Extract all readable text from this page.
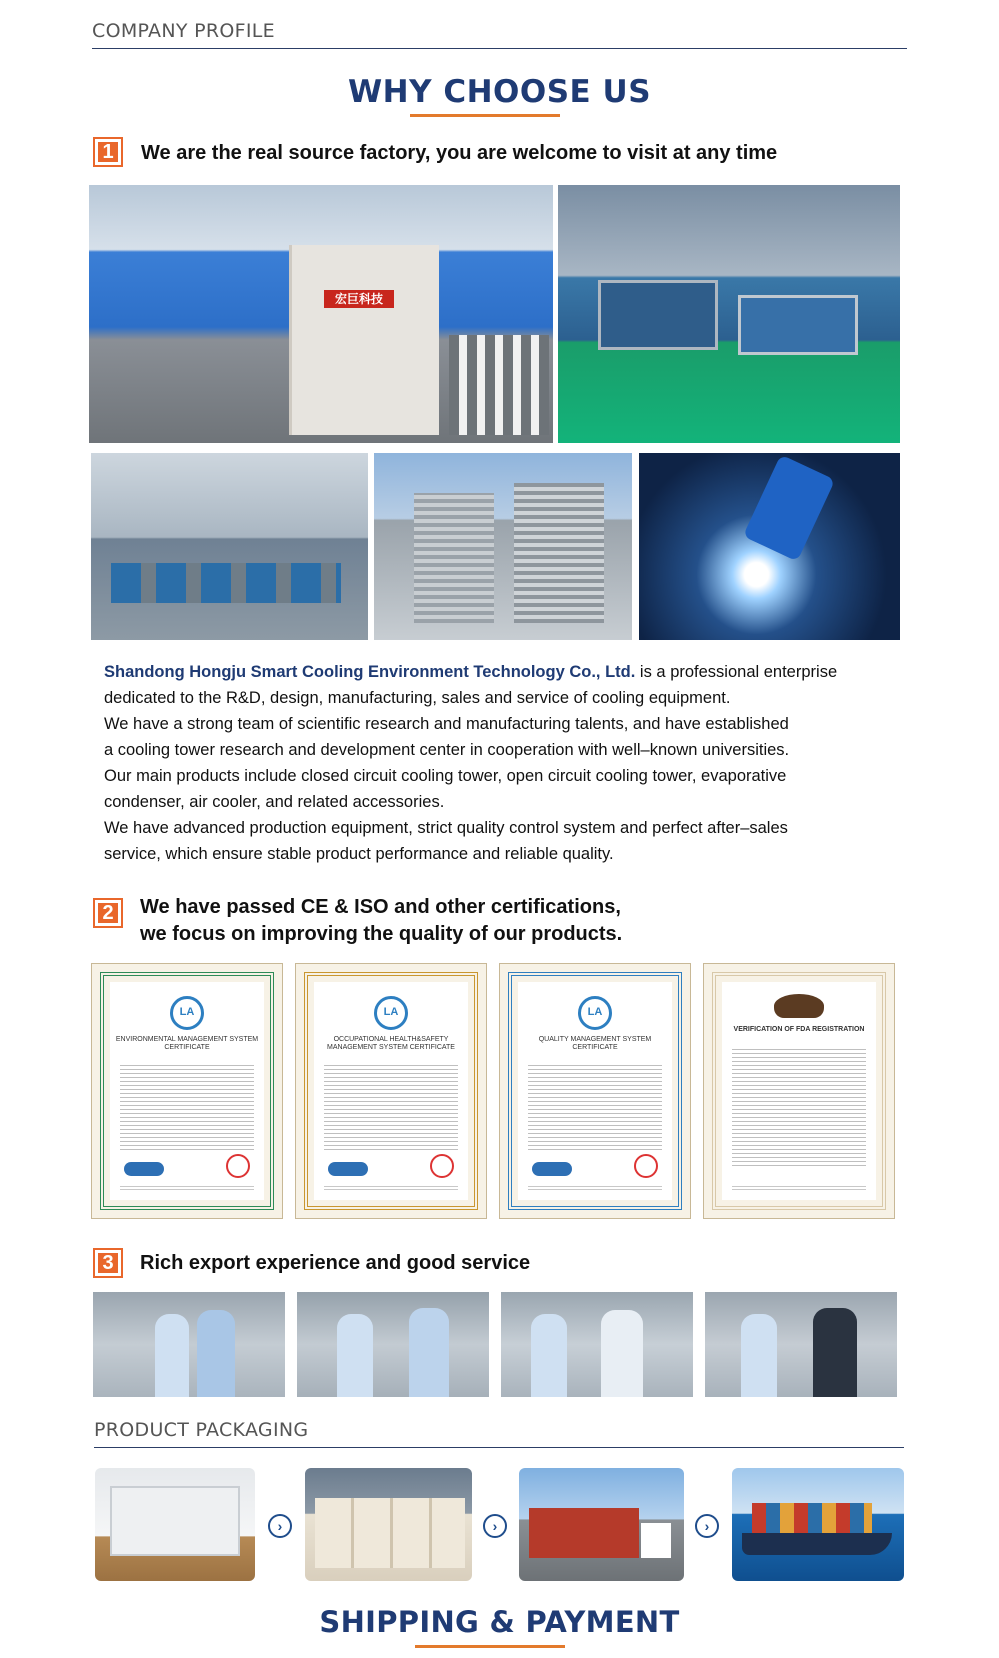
COMPANY PROFILE
WHY CHOOSE US
1 We are the real source factory, you are welcome to visit at any time
宏巨科技
Shandong Hongju Smart Cooling Environment Technology Co., Ltd. is a professional enterprise
dedicated to the R&D, design, manufacturing, sales and service of cooling equipment.
We have a strong team of scientific research and manufacturing talents, and have established
a cooling tower research and development center in cooperation with well–known universities.
Our main products include closed circuit cooling tower, open circuit cooling tower, evaporative
condenser, air cooler, and related accessories.
We have advanced production equipment, strict quality control system and perfect after–sales
service, which ensure stable product performance and reliable quality.
2 We have passed CE & ISO and other certifications,
we focus on improving the quality of our products.
LA
ENVIRONMENTAL MANAGEMENT SYSTEM CERTIFICATE
LA
OCCUPATIONAL HEALTH&SAFETY MANAGEMENT SYSTEM CERTIFICATE
LA
QUALITY MANAGEMENT SYSTEM CERTIFICATE
VERIFICATION OF FDA REGISTRATION
3 Rich export experience and good service
PRODUCT PACKAGING
›	›	›
SHIPPING & PAYMENT
